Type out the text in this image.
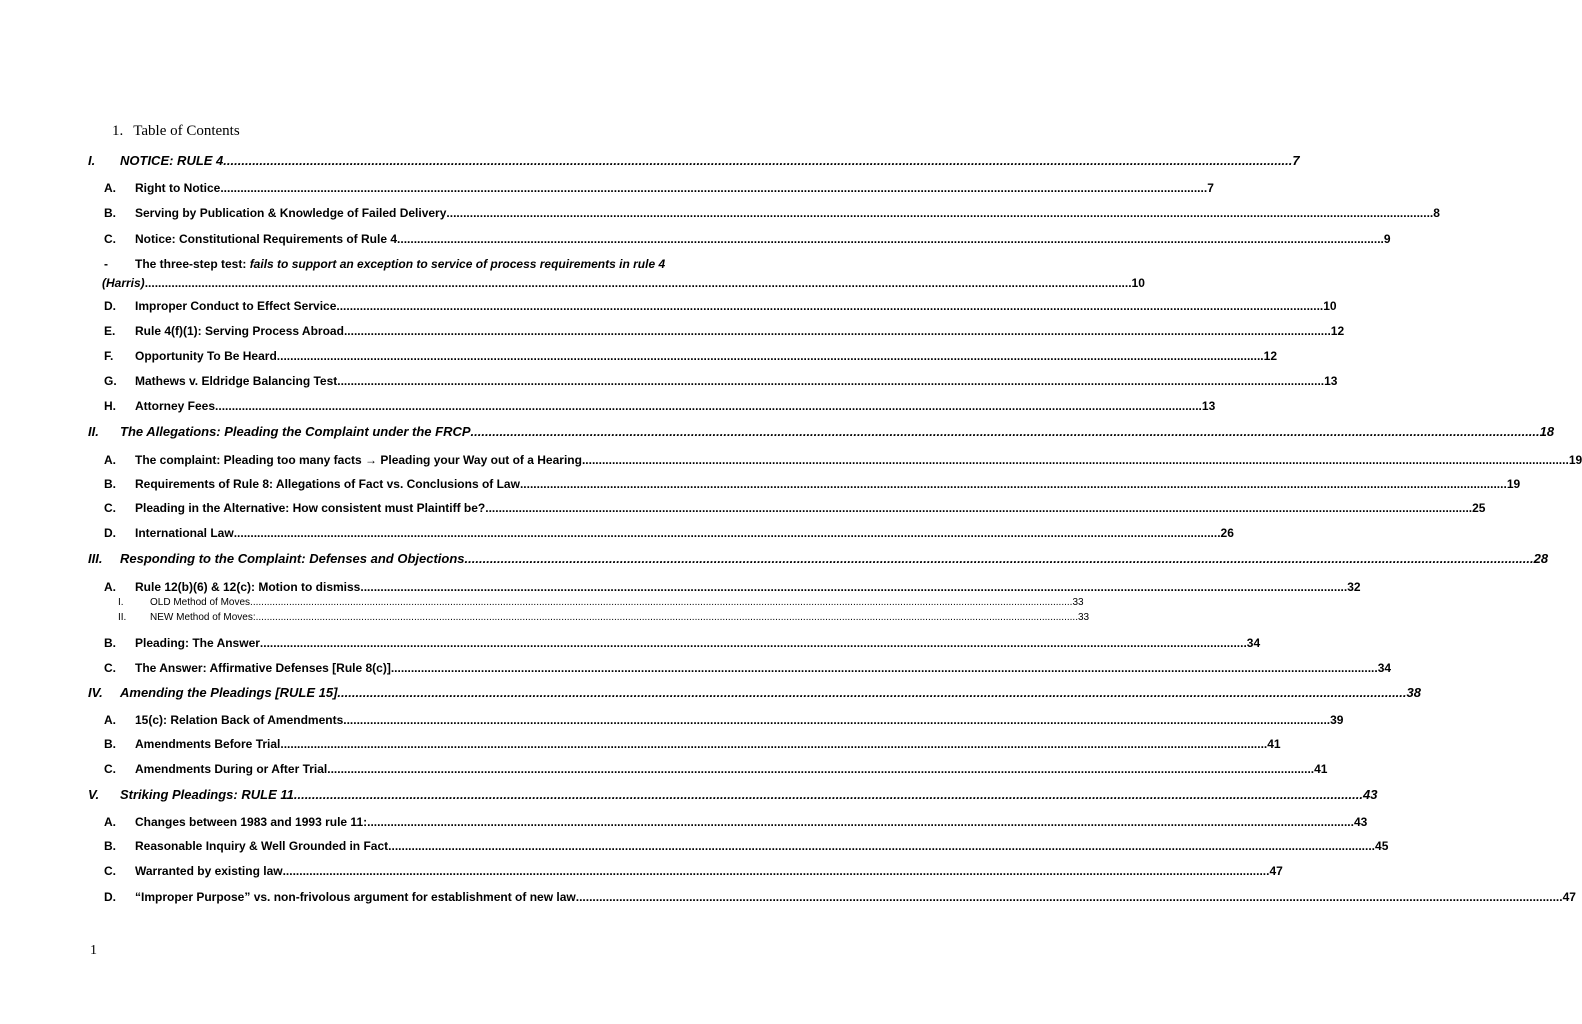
1. Table of Contents
I.	NOTICE: RULE 4 .....	7
A.	Right to Notice .....	7
B.	Serving by Publication & Knowledge of Failed Delivery .....	8
C.	Notice: Constitutional Requirements of Rule 4 .....	9
- The three-step test: fails to support an exception to service of process requirements in rule 4
(Harris) .....	10
D.	Improper Conduct to Effect Service .....	10
E.	Rule 4(f)(1): Serving Process Abroad .....	12
F.	Opportunity To Be Heard .....	12
G.	Mathews v. Eldridge Balancing Test .....	13
H.	Attorney Fees .....	13
II.	The Allegations: Pleading the Complaint under the FRCP .....	18
A.	The complaint: Pleading too many facts → Pleading your Way out of a Hearing .....	19
B.	Requirements of Rule 8: Allegations of Fact vs. Conclusions of Law .....	19
C.	Pleading in the Alternative: How consistent must Plaintiff be? .....	25
D.	International Law .....	26
III.	Responding to the Complaint: Defenses and Objections .....	28
A.	Rule 12(b)(6) & 12(c): Motion to dismiss .....	32
I.	OLD Method of Moves .....	33
II.	NEW Method of Moves: .....	33
B.	Pleading: The Answer .....	34
C.	The Answer: Affirmative Defenses [Rule 8(c)] .....	34
IV.	Amending the Pleadings [RULE 15] .....	38
A.	15(c): Relation Back of Amendments .....	39
B.	Amendments Before Trial .....	41
C.	Amendments During or After Trial .....	41
V.	Striking Pleadings: RULE 11 .....	43
A.	Changes between 1983 and 1993 rule 11: .....	43
B.	Reasonable Inquiry & Well Grounded in Fact .....	45
C.	Warranted by existing law .....	47
D.	“Improper Purpose” vs. non-frivolous argument for establishment of new law .....	47
1
